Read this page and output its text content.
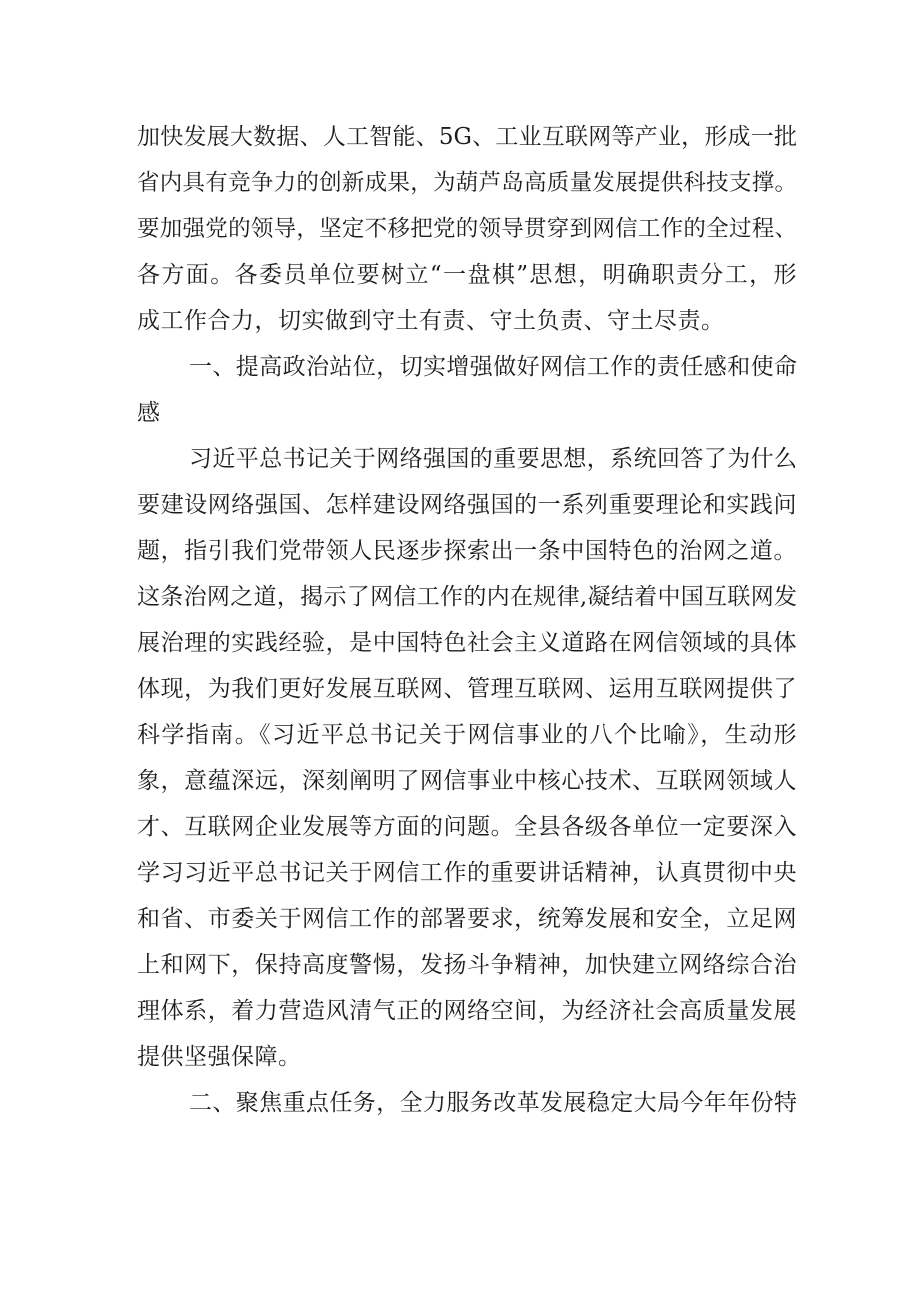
加快发展大数据、人工智能、5G、工业互联网等产业，形成一批
省内具有竞争力的创新成果，为葫芦岛高质量发展提供科技支撑。
要加强党的领导，坚定不移把党的领导贯穿到网信工作的全过程、
各方面。各委员单位要树立“一盘棋”思想，明确职责分工，形
成工作合力，切实做到守土有责、守土负责、守土尽责。
一、提高政治站位，切实增强做好网信工作的责任感和使命
感
习近平总书记关于网络强国的重要思想，系统回答了为什么
要建设网络强国、怎样建设网络强国的一系列重要理论和实践问
题，指引我们党带领人民逐步探索出一条中国特色的治网之道。
这条治网之道，揭示了网信工作的内在规律,凝结着中国互联网发
展治理的实践经验，是中国特色社会主义道路在网信领域的具体
体现，为我们更好发展互联网、管理互联网、运用互联网提供了
科学指南。《习近平总书记关于网信事业的八个比喻》，生动形
象，意蕴深远，深刻阐明了网信事业中核心技术、互联网领域人
才、互联网企业发展等方面的问题。全县各级各单位一定要深入
学习习近平总书记关于网信工作的重要讲话精神，认真贯彻中央
和省、市委关于网信工作的部署要求，统筹发展和安全，立足网
上和网下，保持高度警惕，发扬斗争精神，加快建立网络综合治
理体系，着力营造风清气正的网络空间，为经济社会高质量发展
提供坚强保障。
二、聚焦重点任务，全力服务改革发展稳定大局今年年份特
